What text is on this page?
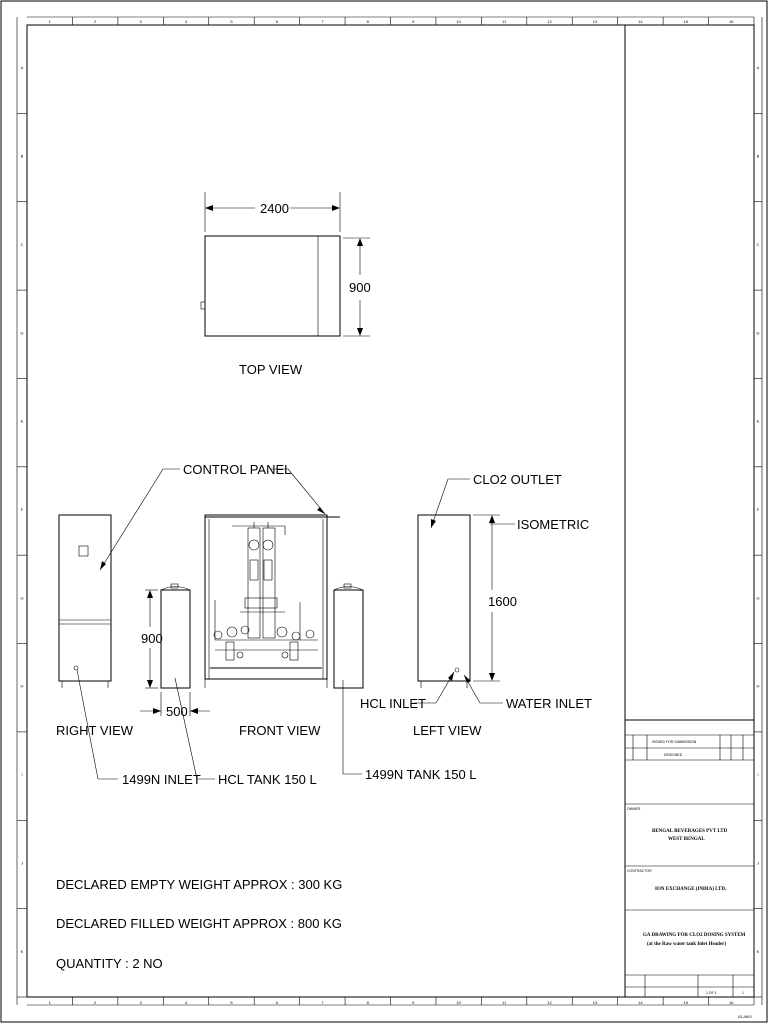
1
1
2
2
3
3
4
4
5
5
6
6
7
7
8
8
9
9
10
10
11
11
12
12
13
13
14
14
15
15
16
16
A	A
B	B
C	C
D	D
E	E
F	F
G	G
H	H
I	I
J	J
K	K
ISSUED FOR SUBMISSION
DESIGNED
OWNER
BENGAL BEVERAGES PVT LTD
WEST BENGAL
CONTRACTOR
ION EXCHANGE (INDIA) LTD.
GA DRAWING FOR CLO2 DOSING SYSTEM
(at the Raw water tank Inlet Header)
1 OF 1	1
A3-ANSI
2400
900
TOP VIEW
RIGHT VIEW
900
500
FRONT VIEW
1600
LEFT VIEW
CONTROL PANEL
CLO2 OUTLET
ISOMETRIC
HCL INLET	WATER INLET
1499N INLET HCL TANK 150 L	1499N TANK 150 L
DECLARED EMPTY WEIGHT APPROX : 300 KG
DECLARED FILLED WEIGHT APPROX : 800 KG
QUANTITY : 2 NO
